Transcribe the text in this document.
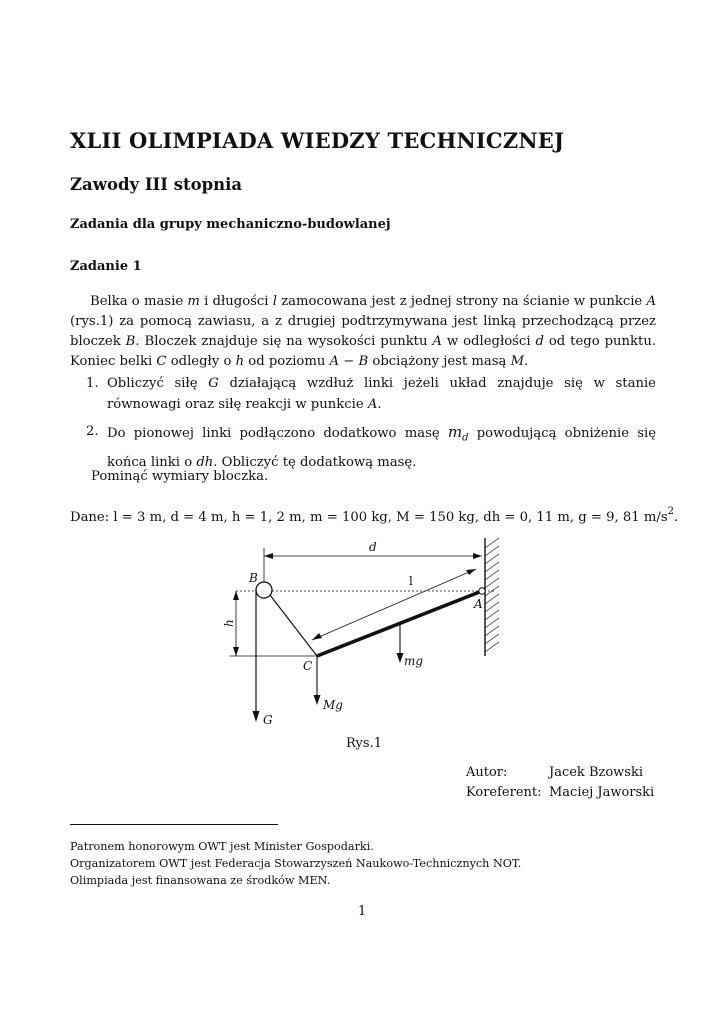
XLII OLIMPIADA WIEDZY TECHNICZNEJ
Zawody III stopnia
Zadania dla grupy mechaniczno-budowlanej
Zadanie 1
Belka o masie m i długości l zamocowana jest z jednej strony na ścianie w punkcie A (rys.1) za pomocą zawiasu, a z drugiej podtrzymywana jest linką przechodzącą przez bloczek B. Bloczek znajduje się na wysokości punktu A w odległości d od tego punktu. Koniec belki C odległy o h od poziomu A − B obciążony jest masą M.
1. Obliczyć siłę G działającą wzdłuż linki jeżeli układ znajduje się w stanie równowagi oraz siłę reakcji w punkcie A.
2. Do pionowej linki podłączono dodatkowo masę $m_d$ powodującą obniżenie się końca linki o dh. Obliczyć tę dodatkową masę.
Pominąć wymiary bloczka.
Dane: l = 3 m, d = 4 m, h = 1, 2 m, m = 100 kg, M = 150 kg, dh = 0, 11 m, g = 9, 81 $m/s^2$.
d
l
h
B
A
C	mg
Mg
G
Rys.1
Autor:	Jacek Bzowski
Koreferent: Maciej Jaworski
Patronem honorowym OWT jest Minister Gospodarki.
Organizatorem OWT jest Federacja Stowarzyszeń Naukowo-Technicznych NOT.
Olimpiada jest finansowana ze środków MEN.
1
